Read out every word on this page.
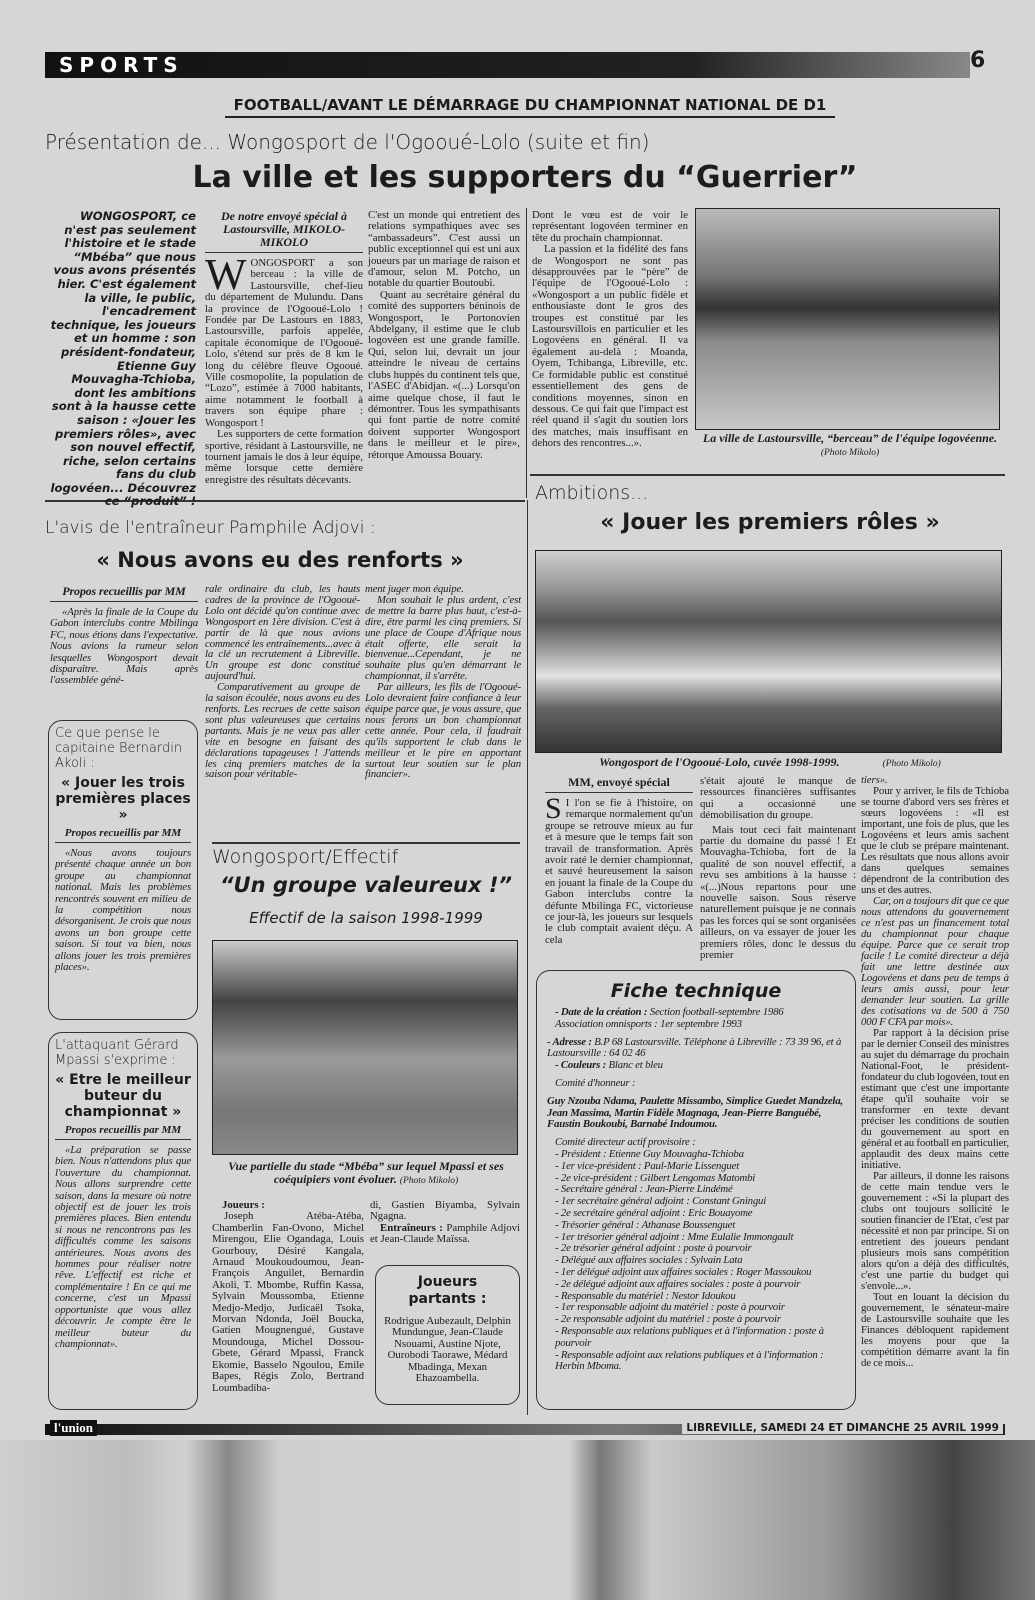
l'union	LIBREVILLE, SAMEDI 24 ET DIMANCHE 25 AVRIL 1999
SPORTS	6
FOOTBALL/AVANT LE DÉMARRAGE DU CHAMPIONNAT NATIONAL DE D1
Présentation de... Wongosport de l'Ogooué-Lolo (suite et fin)
La ville et les supporters du “Guerrier”
WONGOSPORT, ce n'est pas seulement l'histoire et le stade “Mbéba” que nous vous avons présentés hier. C'est également la ville, le public, l'encadrement technique, les joueurs et un homme : son président-fondateur, Etienne Guy Mouvagha-Tchioba, dont les ambitions sont à la hausse cette saison : «Jouer les premiers rôles», avec son nouvel effectif, riche, selon certains fans du club logovéen... Découvrez ce “produit” !
De notre envoyé spécial à Lastoursville, MIKOLO-MIKOLO
W ONGOSPORT a son berceau : la ville de Lastoursville, chef-lieu du département de Mulundu. Dans la province de l'Ogooué-Lolo ! Fondée par De Lastours en 1883, Lastoursville, parfois appelée, capitale économique de l'Ogooué-Lolo, s'étend sur près de 8 km le long du célèbre fleuve Ogooué. Ville cosmopolite, la population de “Lozo”, estimée à 7000 habitants, aime notamment le football à travers son équipe phare : Wongosport !

Les supporters de cette formation sportive, résidant à Lastoursville, ne tournent jamais le dos à leur équipe, même lorsque cette dernière enregistre des résultats décevants.

C'est un monde qui entretient des relations sympathiques avec ses “ambassadeurs”. C'est aussi un public exceptionnel qui est uni aux joueurs par un mariage de raison et d'amour, selon M. Potcho, un notable du quartier Boutoubi.

Quant au secrétaire général du comité des supporters béninois de Wongosport, le Portonovien Abdelgany, il estime que le club logovéen est une grande famille. Qui, selon lui, devrait un jour atteindre le niveau de certains clubs huppés du continent tels que, l'ASEC d'Abidjan. «(...) Lorsqu'on aime quelque chose, il faut le démontrer. Tous les sympathisants qui font partie de notre comité doivent supporter Wongosport dans le meilleur et le pire», rétorque Amoussa Bouary.

Dont le vœu est de voir le représentant logovéen terminer en tête du prochain championnat.

La passion et la fidélité des fans de Wongosport ne sont pas désapprouvées par le “père” de l'équipe de l'Ogooué-Lolo : «Wongosport a un public fidèle et enthousiaste dont le gros des troupes est constitué par les Lastoursvillois en particulier et les Logovéens en général. Il va également au-delà : Moanda, Oyem, Tchibanga, Libreville, etc. Ce formidable public est constitué essentiellement des gens de conditions moyennes, sinon en dessous. Ce qui fait que l'impact est réel quand il s'agit du soutien lors des matches, mais insuffisant en dehors des rencontres...».	La ville de Lastoursville, “berceau” de l'équipe logovéenne. (Photo Mikolo)
L'avis de l'entraîneur Pamphile Adjovi :
« Nous avons eu des renforts »
Propos recueillis par MM

«Après la finale de la Coupe du Gabon interclubs contre Mbilinga FC, nous étions dans l'expectative. Nous avions la rumeur selon lesquelles Wongosport devait disparaître. Mais après l'assemblée géné-

rale ordinaire du club, les hauts cadres de la province de l'Ogooué-Lolo ont décidé qu'on continue avec Wongosport en 1ère division. C'est à partir de là que nous avions commencé les entraînements...avec à la clé un recrutement à Libreville. Un groupe est donc constitué aujourd'hui.

Comparativement au groupe de la saison écoulée, nous avons eu des renforts. Les recrues de cette saison sont plus valeureuses que certains partants. Mais je ne veux pas aller vite en besogne en faisant des déclarations tapageuses ! J'attends les cinq premiers matches de la saison pour véritable-

ment juger mon équipe.

Mon souhait le plus ardent, c'est de mettre la barre plus haut, c'est-à-dire, être parmi les cinq premiers. Si une place de Coupe d'Afrique nous était offerte, elle serait la bienvenue...Cependant, je ne souhaite plus qu'en démarrant le championnat, il s'arrête.

Par ailleurs, les fils de l'Ogooué-Lolo devraient faire confiance à leur équipe parce que, je vous assure, que nous ferons un bon championnat cette année. Pour cela, il faudrait qu'ils supportent le club dans le meilleur et le pire en apportant surtout leur soutien sur le plan financier».

Ce que pense le capitaine Bernardin Akoli :
« Jouer les trois premières places »
Propos recueillis par MM
«Nous avons toujours présenté chaque année un bon groupe au championnat national. Mais les problèmes rencontrés souvent en milieu de la compétition nous désorganisent. Je crois que nous avons un bon groupe cette saison. Si tout va bien, nous allons jouer les trois premières places».
L'attaquant Gérard Mpassi s'exprime :
« Etre le meilleur buteur du championnat »
Propos recueillis par MM
«La préparation se passe bien. Nous n'attendons plus que l'ouverture du championnat. Nous allons surprendre cette saison, dans la mesure où notre objectif est de jouer les trois premières places. Bien entendu si nous ne rencontrons pas les difficultés comme les saisons antérieures. Nous avons des hommes pour réaliser notre rêve. L'effectif est riche et complémentaire ! En ce qui me concerne, c'est un Mpassi opportuniste que vous allez découvrir. Je compte être le meilleur buteur du championnat».
Wongosport/Effectif
“Un groupe valeureux !”
Effectif de la saison 1998-1999
Vue partielle du stade “Mbéba” sur lequel Mpassi et ses coéquipiers vont évoluer. (Photo Mikolo)
Joueurs :

Joseph Atéba-Atéba, Chamberlin Fan-Ovono, Michel Mirengou, Elie Ogandaga, Louis Gourbouy, Désiré Kangala, Arnaud Moukoudoumou, Jean-François Anguilet, Bernardin Akoli, T. Mbombe, Ruffin Kassa, Sylvain Moussomba, Etienne Medjo-Medjo, Judicaël Tsoka, Morvan Ndonda, Joël Boucka, Gatien Mougnengué, Gustave Moundouga, Michel Dossou-Gbete, Gérard Mpassi, Franck Ekomie, Basselo Ngoulou, Emile Bapes, Régis Zolo, Bertrand Loumbadiba-

di, Gastien Biyamba, Sylvain Ngagna.
Entraîneurs : Pamphile Adjovi et Jean-Claude Maïssa.
Joueurs partants :
Rodrigue Aubezault, Delphin Mundungue, Jean-Claude Nsouami, Austine Njote, Ourobodi Taorawe, Médard Mbadinga, Mexan Ehazoambella.
Ambitions...
« Jouer les premiers rôles »
Wongosport de l'Ogooué-Lolo, cuvée 1998-1999.	(Photo Mikolo)
MM, envoyé spécial
S I l'on se fie à l'histoire, on remarque normalement qu'un groupe se retrouve mieux au fur et à mesure que le temps fait son travail de transformation. Après avoir raté le dernier championnat, et sauvé heureusement la saison en jouant la finale de la Coupe du Gabon interclubs contre la défunte Mbilinga FC, victorieuse ce jour-là, les joueurs sur lesquels le club comptait avaient déçu. A cela

s'était ajouté le manque de ressources financières suffisantes qui a occasionné une démobilisation du groupe.

Mais tout ceci fait maintenant partie du domaine du passé ! Et Mouvagha-Tchioba, fort de la qualité de son nouvel effectif, a revu ses ambitions à la hausse : «(...)Nous repartons pour une nouvelle saison. Sous réserve naturellement puisque je ne connais pas les forces qui se sont organisées ailleurs, on va essayer de jouer les premiers rôles, donc le dessus du premier

tiers».

Pour y arriver, le fils de Tchioba se tourne d'abord vers ses frères et sœurs logovéens : «Il est important, une fois de plus, que les Logovéens et leurs amis sachent que le club se prépare maintenant. Les résultats que nous allons avoir dans quelques semaines dépendront de la contribution des uns et des autres.

Car, on a toujours dit que ce que nous attendons du gouvernement ce n'est pas un financement total du championnat pour chaque équipe. Parce que ce serait trop facile ! Le comité directeur a déjà fait une lettre destinée aux Logovéens et dans peu de temps à leurs amis aussi, pour leur demander leur soutien. La grille des cotisations va de 500 à 750 000 F CFA par mois».

Par rapport à la décision prise par le dernier Conseil des ministres au sujet du démarrage du prochain National-Foot, le président-fondateur du club logovéen, tout en estimant que c'est une importante étape qu'il souhaite voir se transformer en texte devant préciser les conditions de soutien du gouvernement au sport en général et au football en particulier, applaudit des deux mains cette initiative.

Par ailleurs, il donne les raisons de cette main tendue vers le gouvernement : «Si la plupart des clubs ont toujours sollicité le soutien financier de l'Etat, c'est par nécessité et non par principe. Si on entretient des joueurs pendant plusieurs mois sans compétition alors qu'on a déjà des difficultés, c'est une partie du budget qui s'envole...».

Tout en louant la décision du gouvernement, le sénateur-maire de Lastoursville souhaite que les Finances débloquent rapidement les moyens pour que la compétition démarre avant la fin de ce mois...

Fiche technique
- Date de la création : Section football-septembre 1986
Association omnisports : 1er septembre 1993
- Adresse : B.P 68 Lastoursville. Téléphone à Libreville : 73 39 96, et à Lastoursville : 64 02 46
- Couleurs : Blanc et bleu
Comité d'honneur :
Guy Nzouba Ndama, Paulette Missambo, Simplice Guedet Mandzela, Jean Massima, Martin Fidèle Magnaga, Jean-Pierre Banguébé, Faustin Boukoubi, Barnabé Indoumou.
Comité directeur actif provisoire :
- Président : Etienne Guy Mouvagha-Tchioba
- 1er vice-président : Paul-Marie Lissenguet
- 2e vice-président : Gilbert Lengomas Matombi
- Secrétaire général : Jean-Pierre Lindémé
- 1er secrétaire général adjoint : Constant Gningui
- 2e secrétaire général adjoint : Eric Bouayome
- Trésorier général : Athanase Boussenguet
- 1er trésorier général adjoint : Mme Eulalie Immongault
- 2e trésorier général adjoint : poste à pourvoir
- Délégué aux affaires sociales : Sylvain Lata
- 1er délégué adjoint aux affaires sociales : Roger Massoukou
- 2e délégué adjoint aux affaires sociales : poste à pourvoir
- Responsable du matériel : Nestor Idoukou
- 1er responsable adjoint du matériel : poste à pourvoir
- 2e responsable adjoint du matériel : poste à pourvoir
- Responsable aux relations publiques et à l'information : poste à pourvoir
- Responsable adjoint aux relations publiques et à l'information : Herbin Mboma.
